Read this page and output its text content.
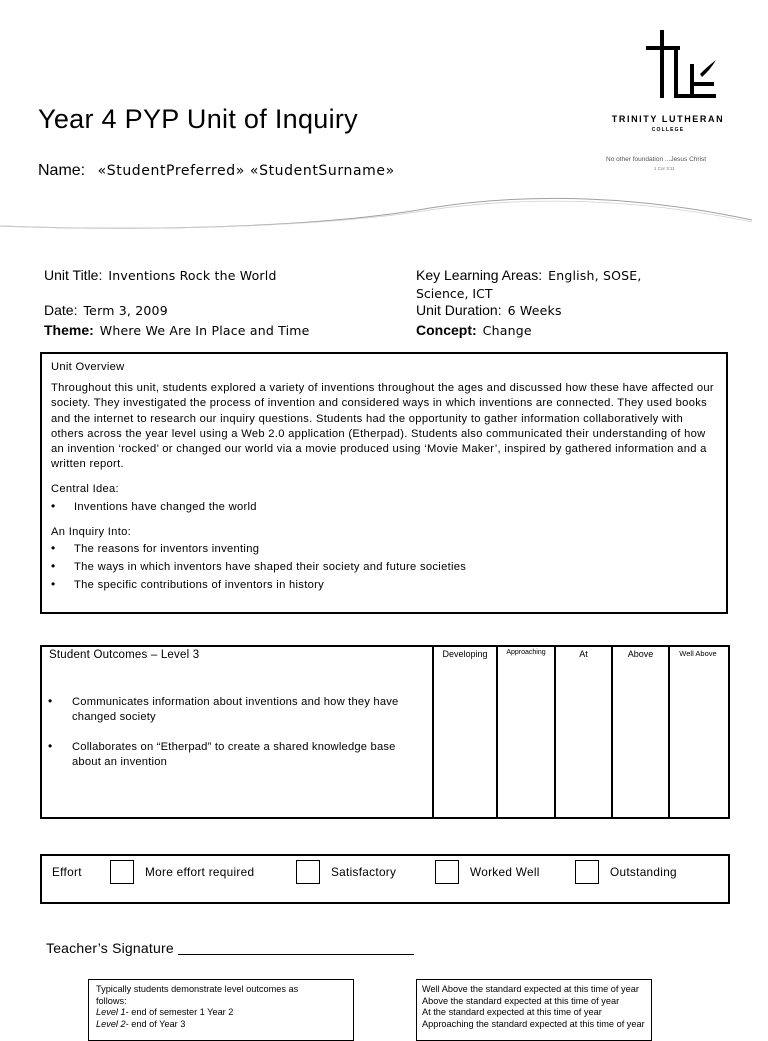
Year 4 PYP Unit of Inquiry
Name: «StudentPreferred» «StudentSurname»
TRINITY LUTHERAN
COLLEGE
No other foundation ...Jesus Christ
1 Cor 3:11
Unit Title: Inventions Rock the World
Date: Term 3, 2009
Theme: Where We Are In Place and Time
Key Learning Areas: English, SOSE,
Science, ICT
Unit Duration: 6 Weeks
Concept: Change
Unit Overview
Throughout this unit, students explored a variety of inventions throughout the ages and discussed how these have affected our society. They investigated the process of invention and considered ways in which inventions are connected. They used books and the internet to research our inquiry questions. Students had the opportunity to gather information collaboratively with others across the year level using a Web 2.0 application (Etherpad). Students also communicated their understanding of how an invention ‘rocked’ or changed our world via a movie produced using ‘Movie Maker’, inspired by gathered information and a written report.
Central Idea:
• Inventions have changed the world
An Inquiry Into:
• The reasons for inventors inventing
• The ways in which inventors have shaped their society and future societies
• The specific contributions of inventors in history
Student Outcomes – Level 3
• Communicates information about inventions and how they have changed society
• Collaborates on “Etherpad” to create a shared knowledge base about an invention
Developing	Approaching	At	Above	Well Above
Effort	More effort required	Satisfactory	Worked Well	Outstanding
Teacher’s Signature
Typically students demonstrate level outcomes as
follows:
Level 1- end of semester 1 Year 2
Level 2- end of Year 3
Well Above the standard expected at this time of year
Above the standard expected at this time of year
At the standard expected at this time of year
Approaching the standard expected at this time of year
